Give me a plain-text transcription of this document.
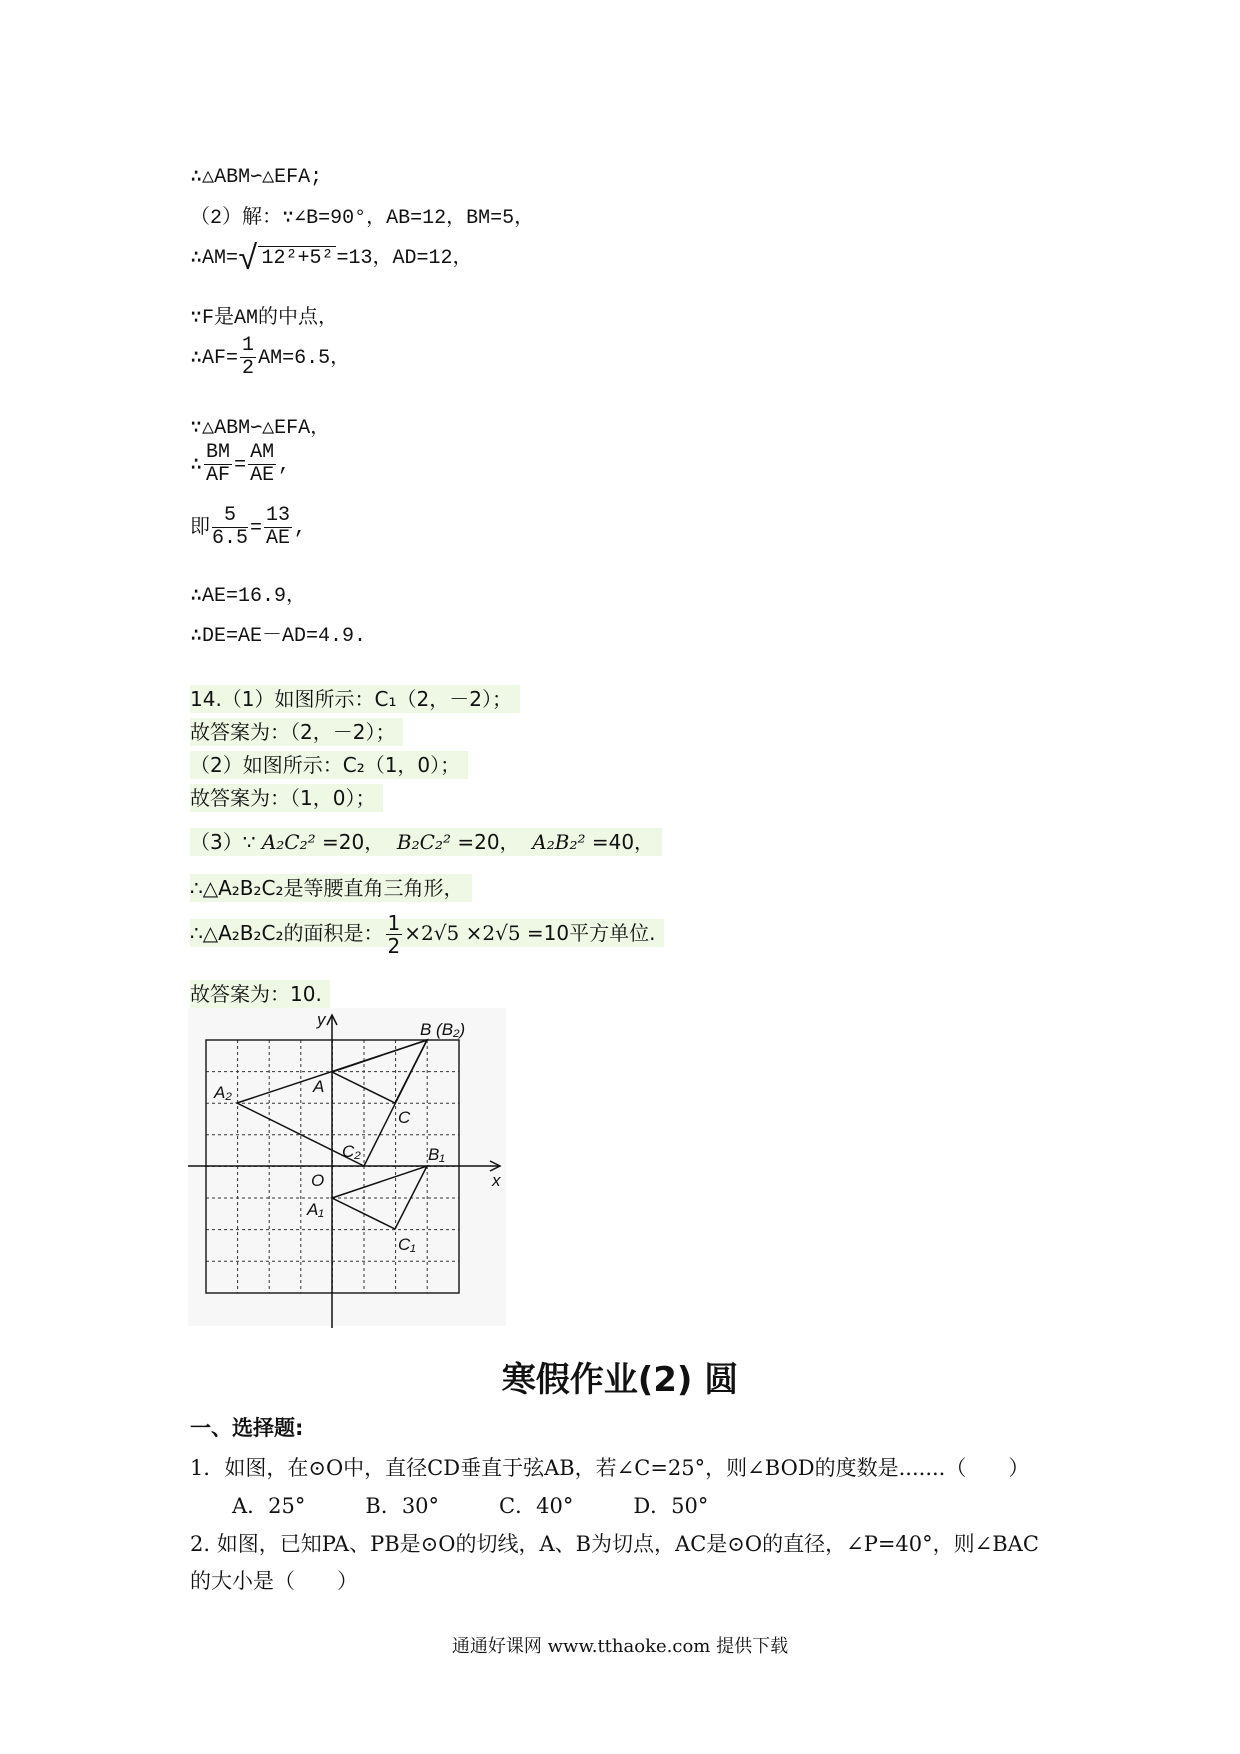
∴△ABM∽△EFA;
（2）解：∵∠B=90°，AB=12，BM=5，
∴AM=√ 12²+5² =13，AD=12，
∵F是AM的中点，
∴AF= $\frac{1}{2} AM=6.5$，
∵△ABM∽△EFA，
∴ $\frac{BM}{AF} = \frac{AM}{AE}$ ,
即 $\frac{5}{6.5} = \frac{13}{AE}$ ,
∴AE=16.9，
∴DE=AE－AD=4.9.
14.（1）如图所示：C₁（2，－2）；
故答案为：（2，－2）；
（2）如图所示：C₂（1，0）；
故答案为：（1，0）；
（3）∵ A₂C₂² =20， B₂C₂² =20， A₂B₂² =40，
∴△A₂B₂C₂是等腰直角三角形，
∴△A₂B₂C₂的面积是： $\frac{1}{2} \times 2√5 \times 2√5 =10$平方单位.
故答案为：10.
x
y
O
B (B₂)
A
A₂
C
C₂	B₁
A₁
C₁
寒假作业(2) 圆
一、选择题:
1．如图，在⊙O中，直径CD垂直于弦AB，若∠C=25°，则∠BOD的度数是.......（　　）
A．25°	B．30°	C．40°	D．50°
2. 如图，已知PA、PB是⊙O的切线，A、B为切点，AC是⊙O的直径，∠P=40°，则∠BAC
的大小是（　　）
通通好课网 www.tthaoke.com 提供下载
